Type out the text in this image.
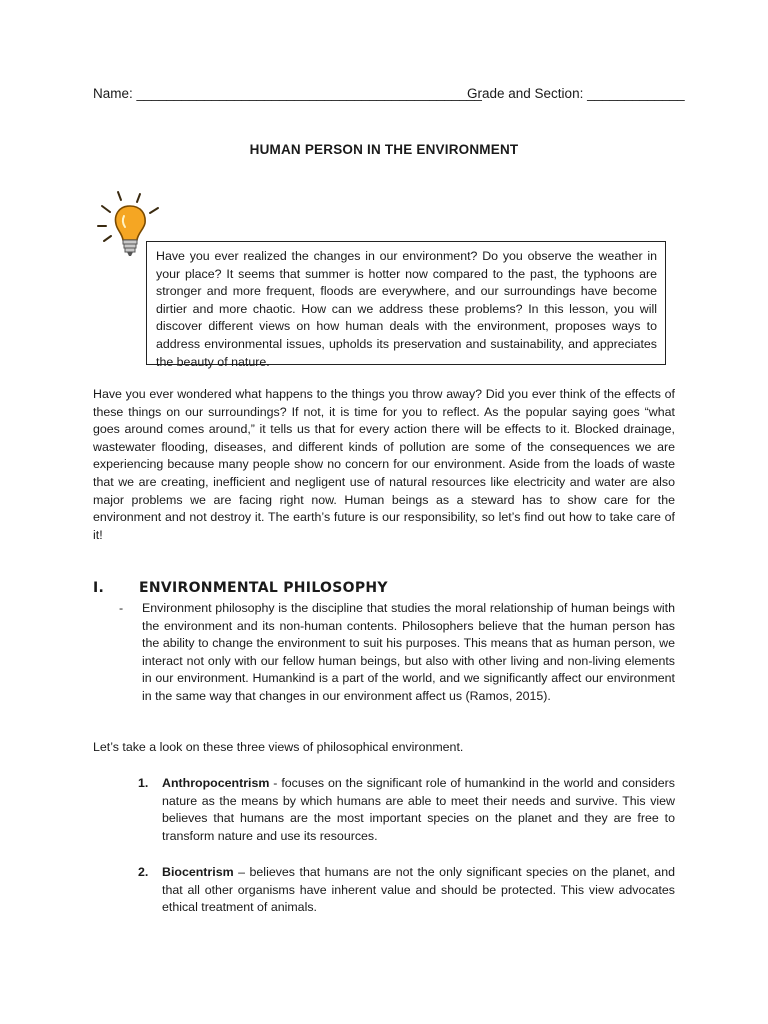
Name: ______________________________________________
Grade and Section: _____________
HUMAN PERSON IN THE ENVIRONMENT
Have you ever realized the changes in our environment? Do you observe the weather in your place? It seems that summer is hotter now compared to the past, the typhoons are stronger and more frequent, floods are everywhere, and our surroundings have become dirtier and more chaotic. How can we address these problems? In this lesson, you will discover different views on how human deals with the environment, proposes ways to address environmental issues, upholds its preservation and sustainability, and appreciates the beauty of nature.
Have you ever wondered what happens to the things you throw away? Did you ever think of the effects of these things on our surroundings? If not, it is time for you to reflect. As the popular saying goes “what goes around comes around,” it tells us that for every action there will be effects to it. Blocked drainage, wastewater flooding, diseases, and different kinds of pollution are some of the consequences we are experiencing because many people show no concern for our environment. Aside from the loads of waste that we are creating, inefficient and negligent use of natural resources like electricity and water are also major problems we are facing right now. Human beings as a steward has to show care for the environment and not destroy it. The earth’s future is our responsibility, so let’s find out how to take care of it!
I. ENVIRONMENTAL PHILOSOPHY
- Environment philosophy is the discipline that studies the moral relationship of human beings with the environment and its non-human contents. Philosophers believe that the human person has the ability to change the environment to suit his purposes. This means that as human person, we interact not only with our fellow human beings, but also with other living and non-living elements in our environment. Humankind is a part of the world, and we significantly affect our environment in the same way that changes in our environment affect us (Ramos, 2015).
Let’s take a look on these three views of philosophical environment.
1. Anthropocentrism - focuses on the significant role of humankind in the world and considers nature as the means by which humans are able to meet their needs and survive. This view believes that humans are the most important species on the planet and they are free to transform nature and use its resources.
2. Biocentrism – believes that humans are not the only significant species on the planet, and that all other organisms have inherent value and should be protected. This view advocates ethical treatment of animals.
